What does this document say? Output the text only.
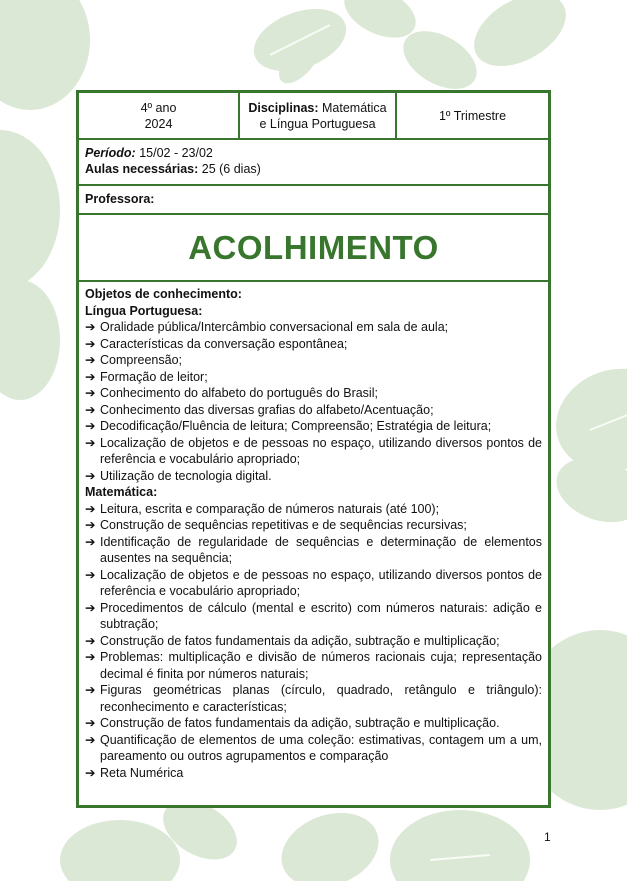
4º ano
2024
Disciplinas: Matemática
e Língua Portuguesa
1º Trimestre
Período: 15/02 - 23/02
Aulas necessárias: 25 (6 dias)
Professora:
ACOLHIMENTO
Objetos de conhecimento:
Língua Portuguesa:
➔ Oralidade pública/Intercâmbio conversacional em sala de aula;
➔ Características da conversação espontânea;
➔ Compreensão;
➔ Formação de leitor;
➔ Conhecimento do alfabeto do português do Brasil;
➔ Conhecimento das diversas grafias do alfabeto/Acentuação;
➔ Decodificação/Fluência de leitura; Compreensão; Estratégia de leitura;
➔ Localização de objetos e de pessoas no espaço, utilizando diversos pontos de referência e vocabulário apropriado;
➔ Utilização de tecnologia digital.
Matemática:
➔ Leitura, escrita e comparação de números naturais (até 100);
➔ Construção de sequências repetitivas e de sequências recursivas;
➔ Identificação de regularidade de sequências e determinação de elementos ausentes na sequência;
➔ Localização de objetos e de pessoas no espaço, utilizando diversos pontos de referência e vocabulário apropriado;
➔ Procedimentos de cálculo (mental e escrito) com números naturais: adição e subtração;
➔ Construção de fatos fundamentais da adição, subtração e multiplicação;
➔ Problemas: multiplicação e divisão de números racionais cuja; representação decimal é finita por números naturais;
➔ Figuras geométricas planas (círculo, quadrado, retângulo e triângulo): reconhecimento e características;
➔ Construção de fatos fundamentais da adição, subtração e multiplicação.
➔ Quantificação de elementos de uma coleção: estimativas, contagem um a um, pareamento ou outros agrupamentos e comparação
➔ Reta Numérica
1
